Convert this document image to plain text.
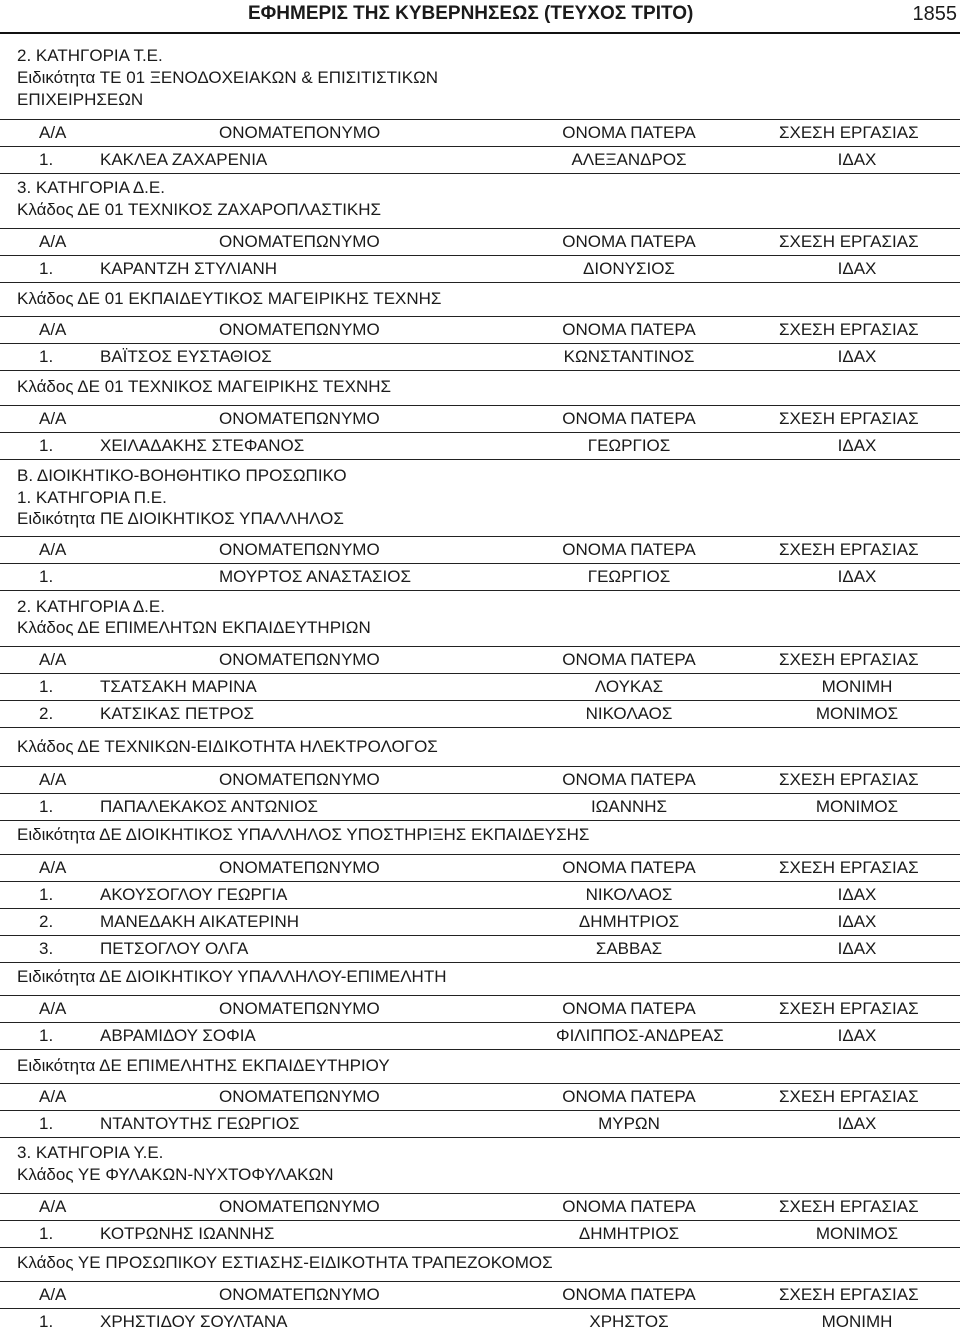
ΕΦΗΜΕΡΙΣ ΤΗΣ ΚΥΒΕΡΝΗΣΕΩΣ (ΤΕΥΧΟΣ ΤΡΙΤΟ)	1855
2. ΚΑΤΗΓΟΡΙΑ Τ.Ε.
Ειδικότητα ΤΕ 01 ΞΕΝΟΔΟΧΕΙΑΚΩΝ & ΕΠΙΣΙΤΙΣΤΙΚΩΝ
ΕΠΙΧΕΙΡΗΣΕΩΝ
Α/Α	ΟΝΟΜΑΤΕΠΟΝΥΜΟ	ΟΝΟΜΑ ΠΑΤΕΡΑ	ΣΧΕΣΗ ΕΡΓΑΣΙΑΣ
1.	ΚΑΚΛΕΑ ΖΑΧΑΡΕΝΙΑ	ΑΛΕΞΑΝΔΡΟΣ	ΙΔΑΧ
3. ΚΑΤΗΓΟΡΙΑ Δ.Ε.
Κλάδος ΔΕ 01 ΤΕΧΝΙΚΟΣ ΖΑΧΑΡΟΠΛΑΣΤΙΚΗΣ
Α/Α	ΟΝΟΜΑΤΕΠΩΝΥΜΟ	ΟΝΟΜΑ ΠΑΤΕΡΑ	ΣΧΕΣΗ ΕΡΓΑΣΙΑΣ
1.	ΚΑΡΑΝΤΖΗ ΣΤΥΛΙΑΝΗ	ΔΙΟΝΥΣΙΟΣ	ΙΔΑΧ
Κλάδος ΔΕ 01 ΕΚΠΑΙΔΕΥΤΙΚΟΣ ΜΑΓΕΙΡΙΚΗΣ ΤΕΧΝΗΣ
Α/Α	ΟΝΟΜΑΤΕΠΩΝΥΜΟ	ΟΝΟΜΑ ΠΑΤΕΡΑ	ΣΧΕΣΗ ΕΡΓΑΣΙΑΣ
1.	ΒΑΪΤΣΟΣ ΕΥΣΤΑΘΙΟΣ	ΚΩΝΣΤΑΝΤΙΝΟΣ	ΙΔΑΧ
Κλάδος ΔΕ 01 ΤΕΧΝΙΚΟΣ ΜΑΓΕΙΡΙΚΗΣ ΤΕΧΝΗΣ
Α/Α	ΟΝΟΜΑΤΕΠΩΝΥΜΟ	ΟΝΟΜΑ ΠΑΤΕΡΑ	ΣΧΕΣΗ ΕΡΓΑΣΙΑΣ
1.	ΧΕΙΛΑΔΑΚΗΣ ΣΤΕΦΑΝΟΣ	ΓΕΩΡΓΙΟΣ	ΙΔΑΧ
Β. ΔΙΟΙΚΗΤΙΚΟ-ΒΟΗΘΗΤΙΚΟ ΠΡΟΣΩΠΙΚΟ
1. ΚΑΤΗΓΟΡΙΑ Π.Ε.
Ειδικότητα ΠΕ ΔΙΟΙΚΗΤΙΚΟΣ ΥΠΑΛΛΗΛΟΣ
Α/Α	ΟΝΟΜΑΤΕΠΩΝΥΜΟ	ΟΝΟΜΑ ΠΑΤΕΡΑ	ΣΧΕΣΗ ΕΡΓΑΣΙΑΣ
1.	ΜΟΥΡΤΟΣ ΑΝΑΣΤΑΣΙΟΣ	ΓΕΩΡΓΙΟΣ	ΙΔΑΧ
2. ΚΑΤΗΓΟΡΙΑ Δ.Ε.
Κλάδος ΔΕ ΕΠΙΜΕΛΗΤΩΝ ΕΚΠΑΙΔΕΥΤΗΡΙΩΝ
Α/Α	ΟΝΟΜΑΤΕΠΩΝΥΜΟ	ΟΝΟΜΑ ΠΑΤΕΡΑ	ΣΧΕΣΗ ΕΡΓΑΣΙΑΣ
1.	ΤΣΑΤΣΑΚΗ ΜΑΡΙΝΑ	ΛΟΥΚΑΣ	ΜΟΝΙΜΗ
2.	ΚΑΤΣΙΚΑΣ ΠΕΤΡΟΣ	ΝΙΚΟΛΑΟΣ	ΜΟΝΙΜΟΣ
Κλάδος ΔΕ ΤΕΧΝΙΚΩΝ-ΕΙΔΙΚΟΤΗΤΑ ΗΛΕΚΤΡΟΛΟΓΟΣ
Α/Α	ΟΝΟΜΑΤΕΠΩΝΥΜΟ	ΟΝΟΜΑ ΠΑΤΕΡΑ	ΣΧΕΣΗ ΕΡΓΑΣΙΑΣ
1.	ΠΑΠΑΛΕΚΑΚΟΣ ΑΝΤΩΝΙΟΣ	ΙΩΑΝΝΗΣ	ΜΟΝΙΜΟΣ
Ειδικότητα ΔΕ ΔΙΟΙΚΗΤΙΚΟΣ ΥΠΑΛΛΗΛΟΣ ΥΠΟΣΤΗΡΙΞΗΣ ΕΚΠΑΙΔΕΥΣΗΣ
Α/Α	ΟΝΟΜΑΤΕΠΩΝΥΜΟ	ΟΝΟΜΑ ΠΑΤΕΡΑ	ΣΧΕΣΗ ΕΡΓΑΣΙΑΣ
1.	ΑΚΟΥΣΟΓΛΟΥ ΓΕΩΡΓΙΑ	ΝΙΚΟΛΑΟΣ	ΙΔΑΧ
2.	ΜΑΝΕΔΑΚΗ ΑΙΚΑΤΕΡΙΝΗ	ΔΗΜΗΤΡΙΟΣ	ΙΔΑΧ
3.	ΠΕΤΣΟΓΛΟΥ ΟΛΓΑ	ΣΑΒΒΑΣ	ΙΔΑΧ
Ειδικότητα ΔΕ ΔΙΟΙΚΗΤΙΚΟΥ ΥΠΑΛΛΗΛΟΥ-ΕΠΙΜΕΛΗΤΗ
Α/Α	ΟΝΟΜΑΤΕΠΩΝΥΜΟ	ΟΝΟΜΑ ΠΑΤΕΡΑ	ΣΧΕΣΗ ΕΡΓΑΣΙΑΣ
1.	ΑΒΡΑΜΙΔΟΥ ΣΟΦΙΑ	ΦΙΛΙΠΠΟΣ-ΑΝΔΡΕΑΣ	ΙΔΑΧ
Ειδικότητα ΔΕ ΕΠΙΜΕΛΗΤΗΣ ΕΚΠΑΙΔΕΥΤΗΡΙΟΥ
Α/Α	ΟΝΟΜΑΤΕΠΩΝΥΜΟ	ΟΝΟΜΑ ΠΑΤΕΡΑ	ΣΧΕΣΗ ΕΡΓΑΣΙΑΣ
1.	ΝΤΑΝΤΟΥΤΗΣ ΓΕΩΡΓΙΟΣ	ΜΥΡΩΝ	ΙΔΑΧ
3. ΚΑΤΗΓΟΡΙΑ Υ.Ε.
Κλάδος ΥΕ ΦΥΛΑΚΩΝ-ΝΥΧΤΟΦΥΛΑΚΩΝ
Α/Α	ΟΝΟΜΑΤΕΠΩΝΥΜΟ	ΟΝΟΜΑ ΠΑΤΕΡΑ	ΣΧΕΣΗ ΕΡΓΑΣΙΑΣ
1.	ΚΟΤΡΩΝΗΣ ΙΩΑΝΝΗΣ	ΔΗΜΗΤΡΙΟΣ	ΜΟΝΙΜΟΣ
Κλάδος ΥΕ ΠΡΟΣΩΠΙΚΟΥ ΕΣΤΙΑΣΗΣ-ΕΙΔΙΚΟΤΗΤΑ ΤΡΑΠΕΖΟΚΟΜΟΣ
Α/Α	ΟΝΟΜΑΤΕΠΩΝΥΜΟ	ΟΝΟΜΑ ΠΑΤΕΡΑ	ΣΧΕΣΗ ΕΡΓΑΣΙΑΣ
1.	ΧΡΗΣΤΙΔΟΥ ΣΟΥΛΤΑΝΑ	ΧΡΗΣΤΟΣ	ΜΟΝΙΜΗ
